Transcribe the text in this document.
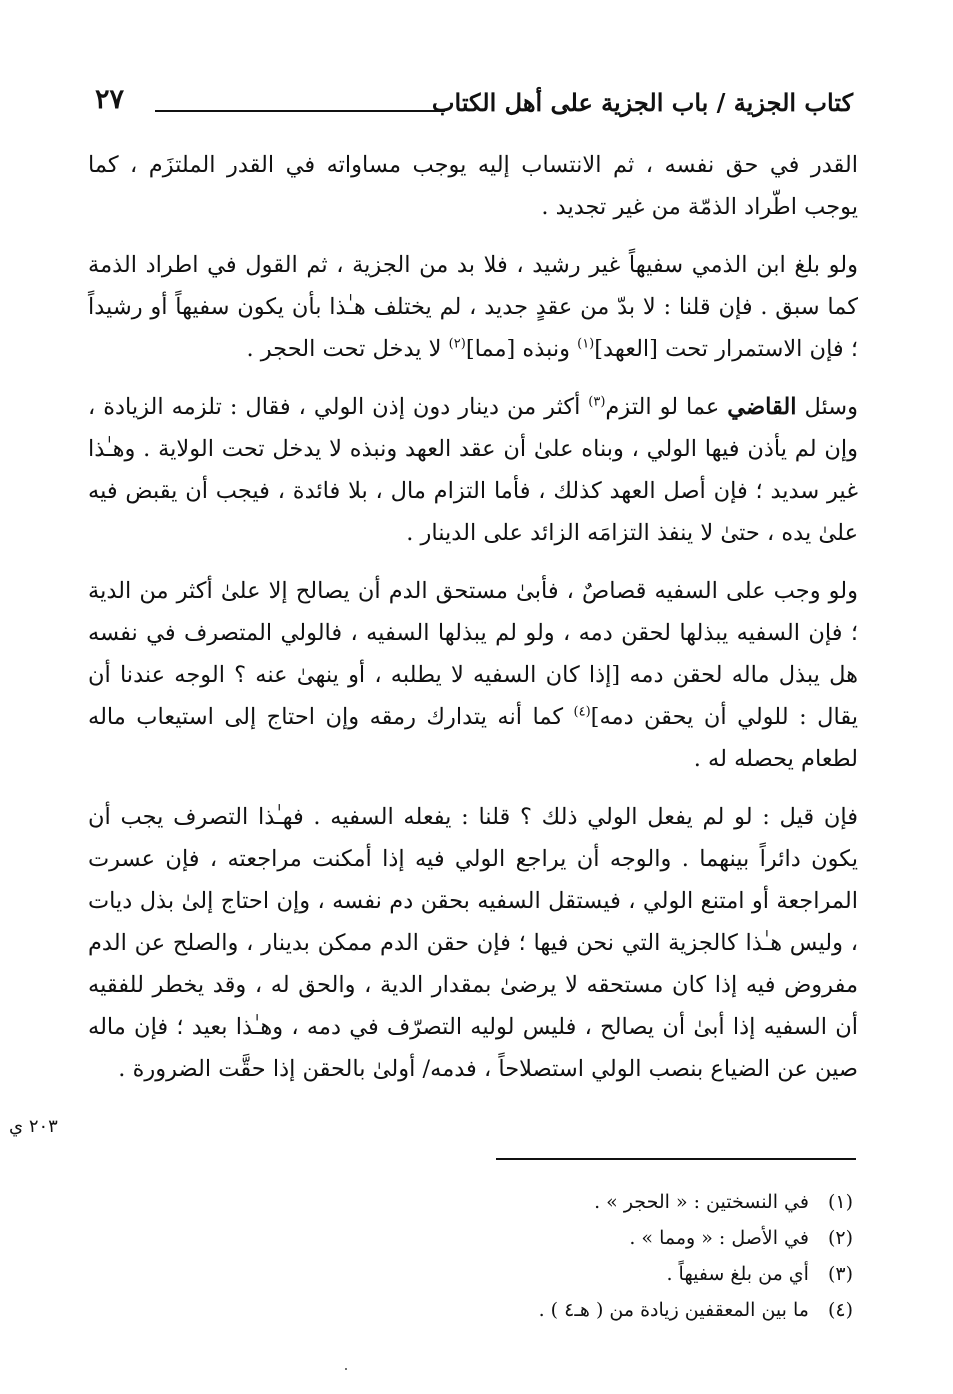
كتاب الجزية / باب الجزية على أهل الكتاب
٢٧

القدر في حق نفسه ، ثم الانتساب إليه يوجب مساواته في القدر الملتزَم ، كما يوجب اطّراد الذمّة من غير تجديد .

ولو بلغ ابن الذمي سفيهاً غير رشيد ، فلا بد من الجزية ، ثم القول في اطراد الذمة كما سبق . فإن قلنا : لا بدّ من عقدٍ جديد ، لم يختلف هـٰذا بأن يكون سفيهاً أو رشيداً ؛ فإن الاستمرار تحت [العهد]$^{(١)}$ ونبذه [مما]$^{(٢)}$ لا يدخل تحت الحجر .

وسئل القاضي عما لو التزم$^{(٣)}$ أكثر من دينار دون إذن الولي ، فقال : تلزمه الزيادة ، وإن لم يأذن فيها الولي ، وبناه علىٰ أن عقد العهد ونبذه لا يدخل تحت الولاية . وهـٰذا غير سديد ؛ فإن أصل العهد كذلك ، فأما التزام مال ، بلا فائدة ، فيجب أن يقبض فيه علىٰ يده ، حتىٰ لا ينفذ التزامَه الزائد على الدينار .

ولو وجب على السفيه قصاصٌ ، فأبىٰ مستحق الدم أن يصالح إلا علىٰ أكثر من الدية ؛ فإن السفيه يبذلها لحقن دمه ، ولو لم يبذلها السفيه ، فالولي المتصرف في نفسه هل يبذل ماله لحقن دمه [إذا كان السفيه لا يطلبه ، أو ينهىٰ عنه ؟ الوجه عندنا أن يقال : للولي أن يحقن دمه]$^{(٤)}$ كما أنه يتدارك رمقه وإن احتاج إلى استيعاب ماله لطعام يحصله له .

فإن قيل : لو لم يفعل الولي ذلك ؟ قلنا : يفعله السفيه . فهـٰذا التصرف يجب أن يكون دائراً بينهما . والوجه أن يراجع الولي فيه إذا أمكنت مراجعته ، فإن عسرت المراجعة أو امتنع الولي ، فيستقل السفيه بحقن دم نفسه ، وإن احتاج إلىٰ بذل ديات ، وليس هـٰذا كالجزية التي نحن فيها ؛ فإن حقن الدم ممكن بدينار ، والصلح عن الدم مفروض فيه إذا كان مستحقه لا يرضىٰ بمقدار الدية ، والحق له ، وقد يخطر للفقيه أن السفيه إذا أبىٰ أن يصالح ، فليس لوليه التصرّف في دمه ، وهـٰذا بعيد ؛ فإن ماله صين عن الضياع بنصب الولي استصلاحاً ، فدمه/ أولىٰ بالحقن إذا حقَّت الضرورة .

٢٠٣ ي
(١) في النسختين : « الحجر » .
(٢) في الأصل : « ومما » .
(٣) أي من بلغ سفيهاً .
(٤) ما بين المعقفين زيادة من ( هـ٤ ) .
